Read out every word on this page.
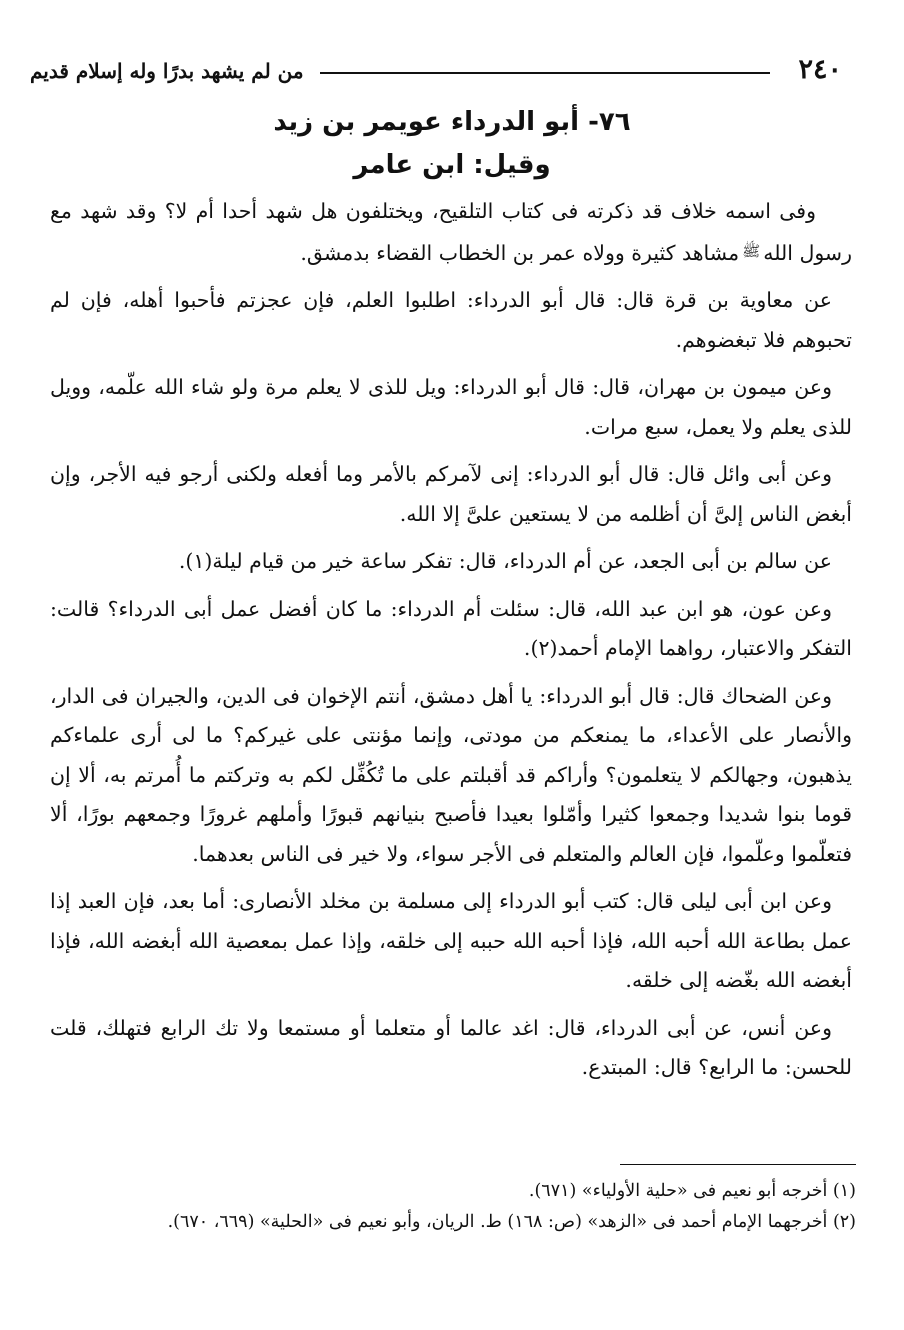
٢٤٠
من لم يشهد بدرًا وله إسلام قديم
٧٦- أبو الدرداء عويمر بن زيد
وقيل: ابن عامر

وفى اسمه خلاف قد ذكرته فى كتاب التلقيح، ويختلفون هل شهد أحدا أم لا؟ وقد شهد مع رسول اللهﷺمشاهد كثيرة وولاه عمر بن الخطاب القضاء بدمشق.

عن معاوية بن قرة قال: قال أبو الدرداء: اطلبوا العلم، فإن عجزتم فأحبوا أهله، فإن لم تحبوهم فلا تبغضوهم.

وعن ميمون بن مهران، قال: قال أبو الدرداء: ويل للذى لا يعلم مرة ولو شاء الله علّمه، وويل للذى يعلم ولا يعمل، سبع مرات.

وعن أبى وائل قال: قال أبو الدرداء: إنى لآمركم بالأمر وما أفعله ولكنى أرجو فيه الأجر، وإن أبغض الناس إلىَّ أن أظلمه من لا يستعين علىَّ إلا الله.

عن سالم بن أبى الجعد، عن أم الدرداء، قال: تفكر ساعة خير من قيام ليلة(١).

وعن عون، هو ابن عبد الله، قال: سئلت أم الدرداء: ما كان أفضل عمل أبى الدرداء؟ قالت: التفكر والاعتبار، رواهما الإمام أحمد(٢).

وعن الضحاك قال: قال أبو الدرداء: يا أهل دمشق، أنتم الإخوان فى الدين، والجيران فى الدار، والأنصار على الأعداء، ما يمنعكم من مودتى، وإنما مؤنتى على غيركم؟ ما لى أرى علماءكم يذهبون، وجهالكم لا يتعلمون؟ وأراكم قد أقبلتم على ما تُكُفِّل لكم به وتركتم ما أُمرتم به، ألا إن قوما بنوا شديدا وجمعوا كثيرا وأمّلوا بعيدا فأصبح بنيانهم قبورًا وأملهم غرورًا وجمعهم بورًا، ألا فتعلّموا وعلّموا، فإن العالم والمتعلم فى الأجر سواء، ولا خير فى الناس بعدهما.

وعن ابن أبى ليلى قال: كتب أبو الدرداء إلى مسلمة بن مخلد الأنصارى: أما بعد، فإن العبد إذا عمل بطاعة الله أحبه الله، فإذا أحبه الله حببه إلى خلقه، وإذا عمل بمعصية الله أبغضه الله، فإذا أبغضه الله بغّضه إلى خلقه.

وعن أنس، عن أبى الدرداء، قال: اغد عالما أو متعلما أو مستمعا ولا تك الرابع فتهلك، قلت للحسن: ما الرابع؟ قال: المبتدع.

(١) أخرجه أبو نعيم فى «حلية الأولياء» (٦٧١).

(٢) أخرجهما الإمام أحمد فى «الزهد» (ص: ١٦٨) ط. الريان، وأبو نعيم فى «الحلية» (٦٦٩، ٦٧٠).
